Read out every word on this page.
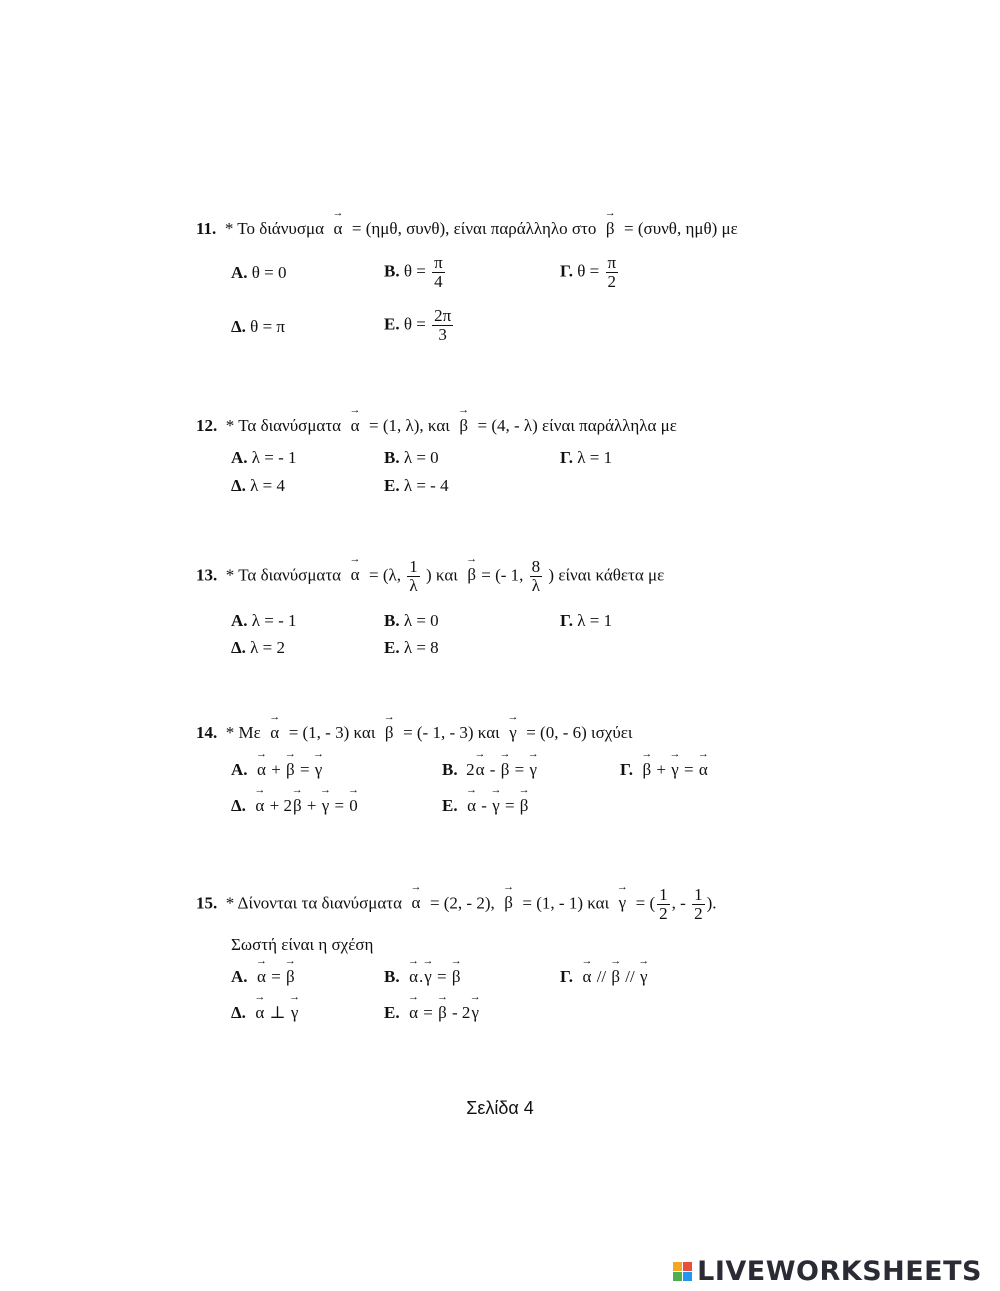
11. * Το διάνυσμα → α = (ημθ, συνθ), είναι παράλληλο στο → β = (συνθ, ημθ) με
Α. θ = 0	Β. $\theta = \frac{\pi}{4}$	Γ. $\theta = \frac{\pi}{2}$
Δ. θ = π	Ε. $\theta = \frac{2\pi}{3}$
12. * Τα διανύσματα → α = (1, λ), και → β = (4, - λ) είναι παράλληλα με
Α. λ = - 1	Β. λ = 0	Γ. λ = 1
Δ. λ = 4	Ε. λ = - 4
13. * Τα διανύσματα → α = (λ, $\frac{1}{\lambda}$ ) και → β = (- 1, $\frac{8}{\lambda}$ ) είναι κάθετα με
Α. λ = - 1	Β. λ = 0	Γ. λ = 1
Δ. λ = 2	Ε. λ = 8
14. * Με → α = (1, - 3) και → β = (- 1, - 3) και → γ = (0, - 6) ισχύει
Α. → α + → β = → γ	Β. 2→ α - → β = → γ	Γ. → β + → γ = → α
Δ. → α + 2→ β + → γ = → 0	Ε. → α - → γ = → β
15. * Δίνονται τα διανύσματα → α = (2, - 2), → β = (1, - 1) και → γ = ( $\frac{1}{2}$ , - $\frac{1}{2}$ ).
Σωστή είναι η σχέση
Α. → α = → β	Β. → α.→ γ = → β	Γ. → α // → β // → γ
Δ. → α ⊥ → γ	Ε. → α = → β - 2→ γ
Σελίδα 4
LIVEWORKSHEETS
